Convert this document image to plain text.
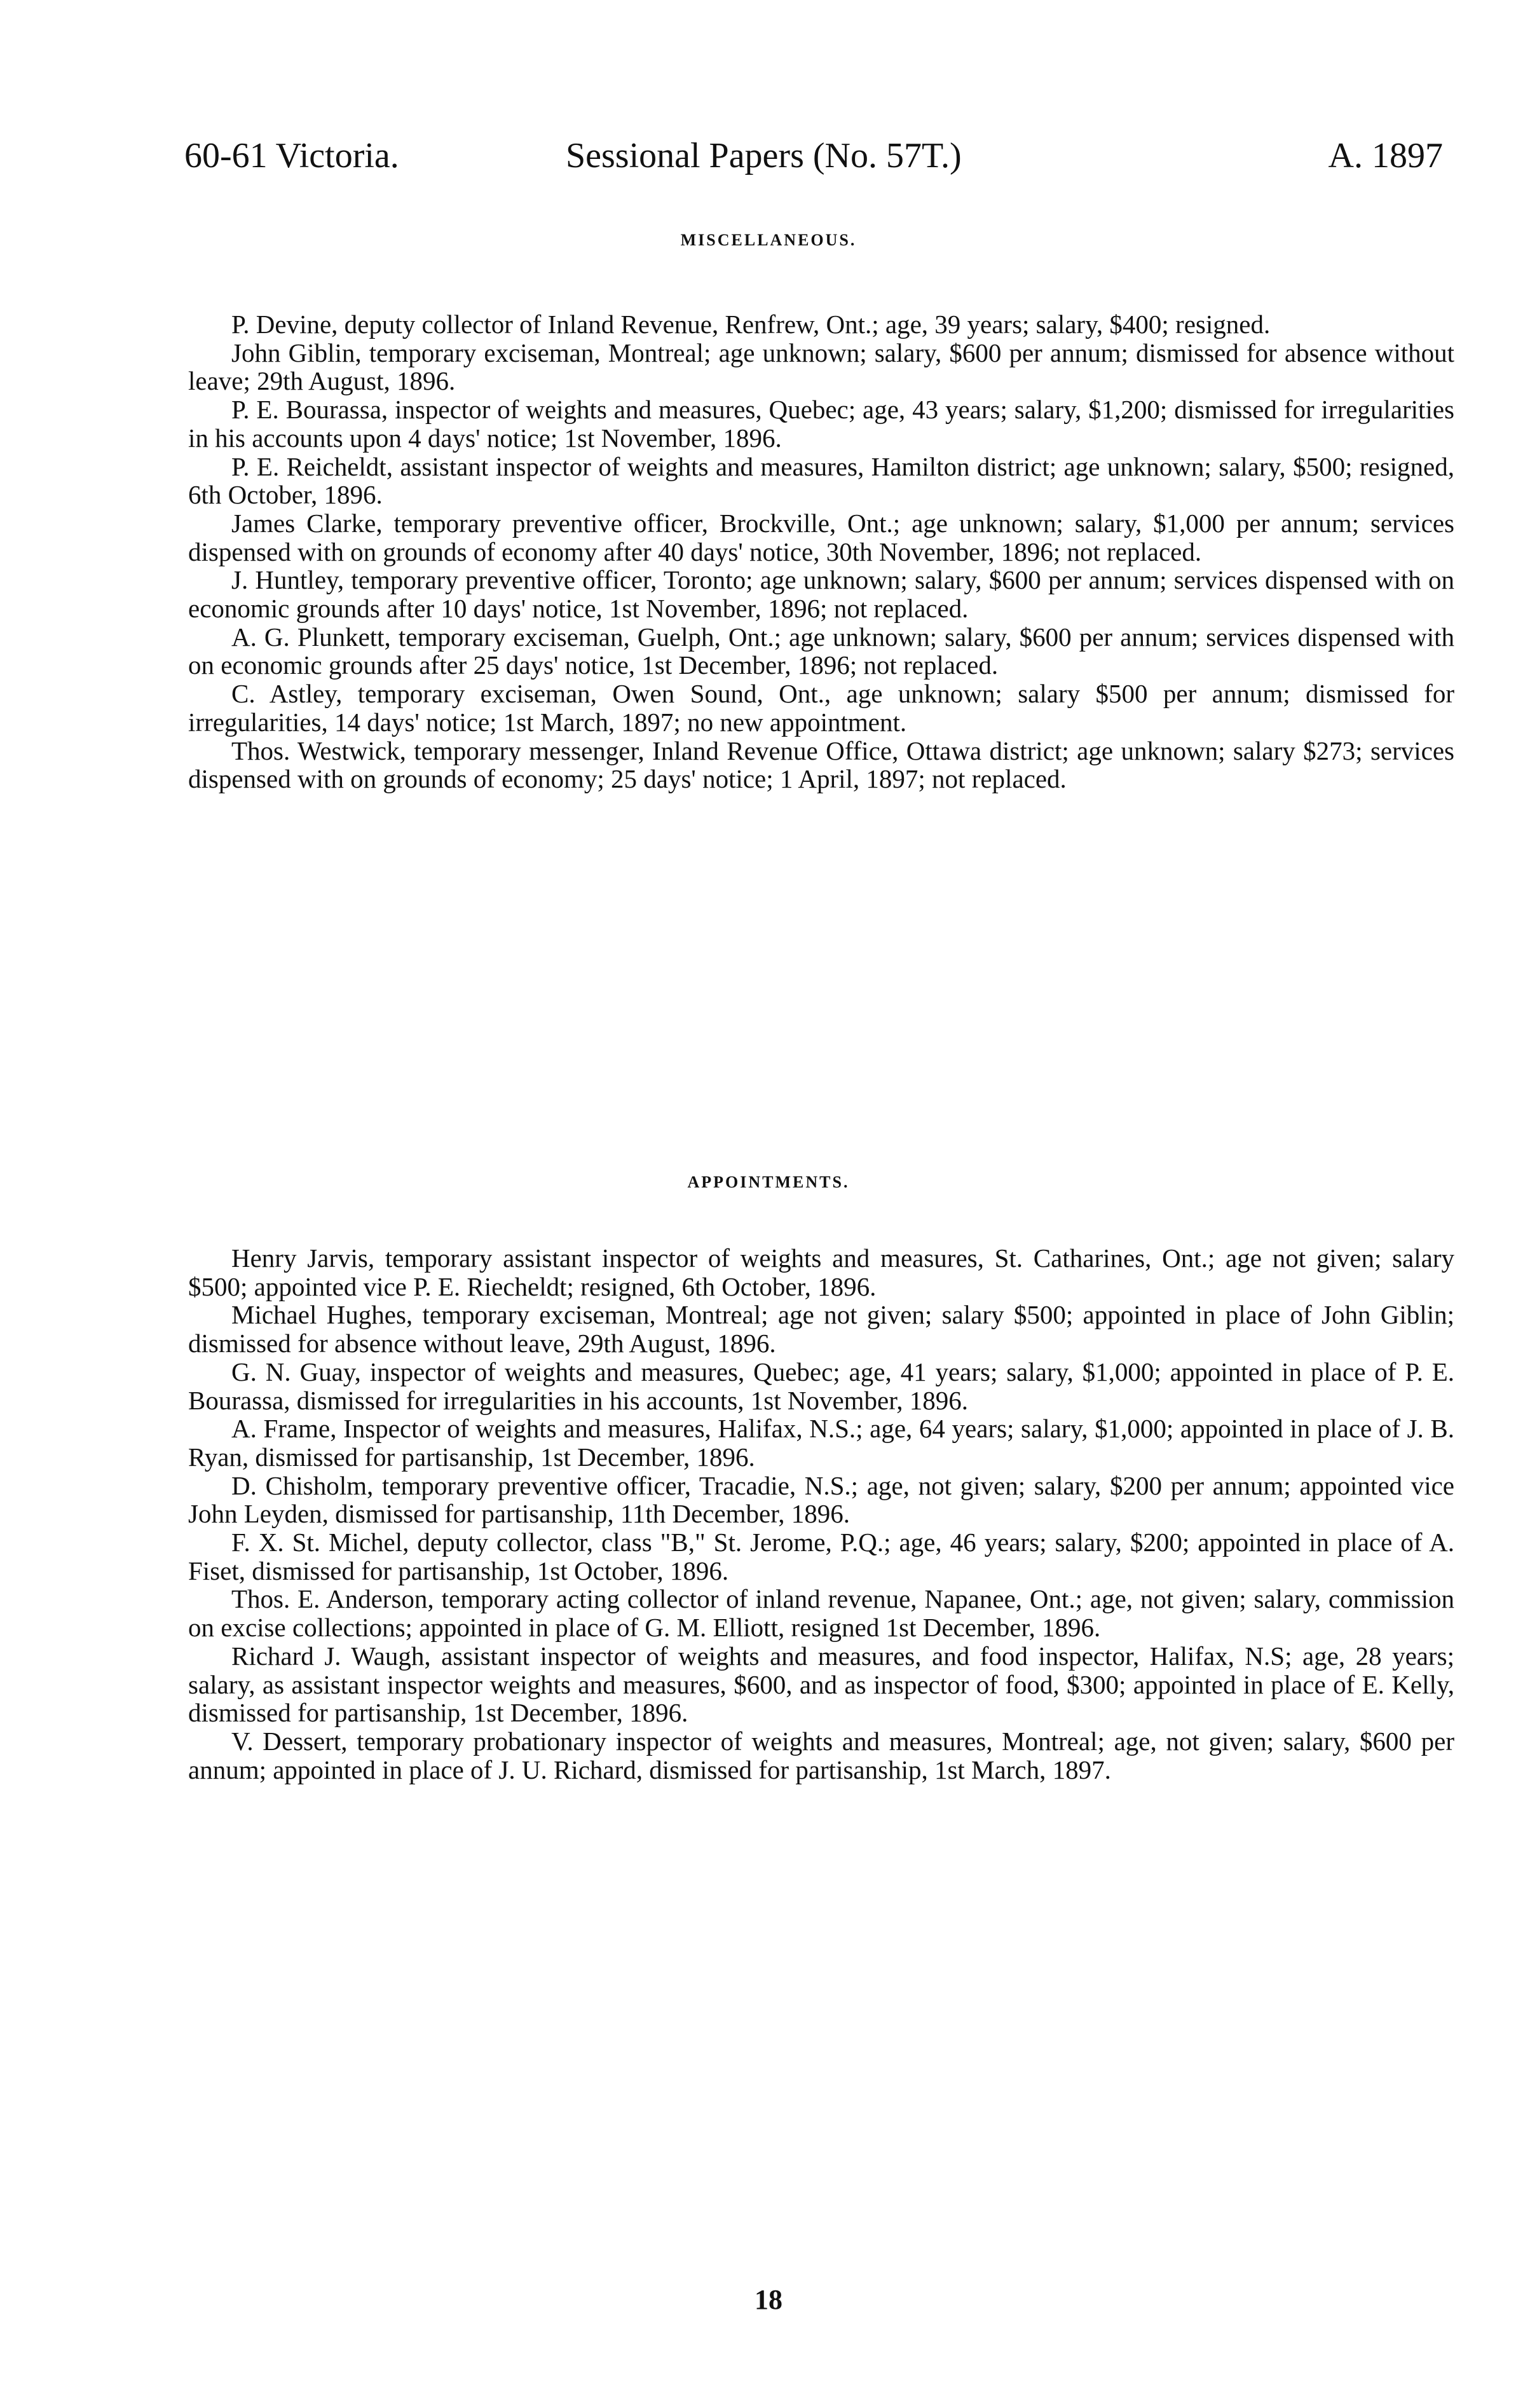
60-61 Victoria.	Sessional Papers (No. 57T.)	A. 1897
MISCELLANEOUS.

P. Devine, deputy collector of Inland Revenue, Renfrew, Ont.; age, 39 years; salary, $400; resigned.

John Giblin, temporary exciseman, Montreal; age unknown; salary, $600 per annum; dismissed for absence without leave; 29th August, 1896.

P. E. Bourassa, inspector of weights and measures, Quebec; age, 43 years; salary, $1,200; dismissed for irregularities in his accounts upon 4 days' notice; 1st November, 1896.

P. E. Reicheldt, assistant inspector of weights and measures, Hamilton district; age unknown; salary, $500; resigned, 6th October, 1896.

James Clarke, temporary preventive officer, Brockville, Ont.; age unknown; salary, $1,000 per annum; services dispensed with on grounds of economy after 40 days' notice, 30th November, 1896; not replaced.

J. Huntley, temporary preventive officer, Toronto; age unknown; salary, $600 per annum; services dispensed with on economic grounds after 10 days' notice, 1st November, 1896; not replaced.

A. G. Plunkett, temporary exciseman, Guelph, Ont.; age unknown; salary, $600 per annum; services dispensed with on economic grounds after 25 days' notice, 1st December, 1896; not replaced.

C. Astley, temporary exciseman, Owen Sound, Ont., age unknown; salary $500 per annum; dismissed for irregularities, 14 days' notice; 1st March, 1897; no new appointment.

Thos. Westwick, temporary messenger, Inland Revenue Office, Ottawa district; age unknown; salary $273; services dispensed with on grounds of economy; 25 days' notice; 1 April, 1897; not replaced.

APPOINTMENTS.

Henry Jarvis, temporary assistant inspector of weights and measures, St. Catharines, Ont.; age not given; salary $500; appointed vice P. E. Riecheldt; resigned, 6th October, 1896.

Michael Hughes, temporary exciseman, Montreal; age not given; salary $500; appointed in place of John Giblin; dismissed for absence without leave, 29th August, 1896.

G. N. Guay, inspector of weights and measures, Quebec; age, 41 years; salary, $1,000; appointed in place of P. E. Bourassa, dismissed for irregularities in his accounts, 1st November, 1896.

A. Frame, Inspector of weights and measures, Halifax, N.S.; age, 64 years; salary, $1,000; appointed in place of J. B. Ryan, dismissed for partisanship, 1st December, 1896.

D. Chisholm, temporary preventive officer, Tracadie, N.S.; age, not given; salary, $200 per annum; appointed vice John Leyden, dismissed for partisanship, 11th December, 1896.

F. X. St. Michel, deputy collector, class "B," St. Jerome, P.Q.; age, 46 years; salary, $200; appointed in place of A. Fiset, dismissed for partisanship, 1st October, 1896.

Thos. E. Anderson, temporary acting collector of inland revenue, Napanee, Ont.; age, not given; salary, commission on excise collections; appointed in place of G. M. Elliott, resigned 1st December, 1896.

Richard J. Waugh, assistant inspector of weights and measures, and food inspector, Halifax, N.S; age, 28 years; salary, as assistant inspector weights and measures, $600, and as inspector of food, $300; appointed in place of E. Kelly, dismissed for partisanship, 1st December, 1896.

V. Dessert, temporary probationary inspector of weights and measures, Montreal; age, not given; salary, $600 per annum; appointed in place of J. U. Richard, dismissed for partisanship, 1st March, 1897.

18
